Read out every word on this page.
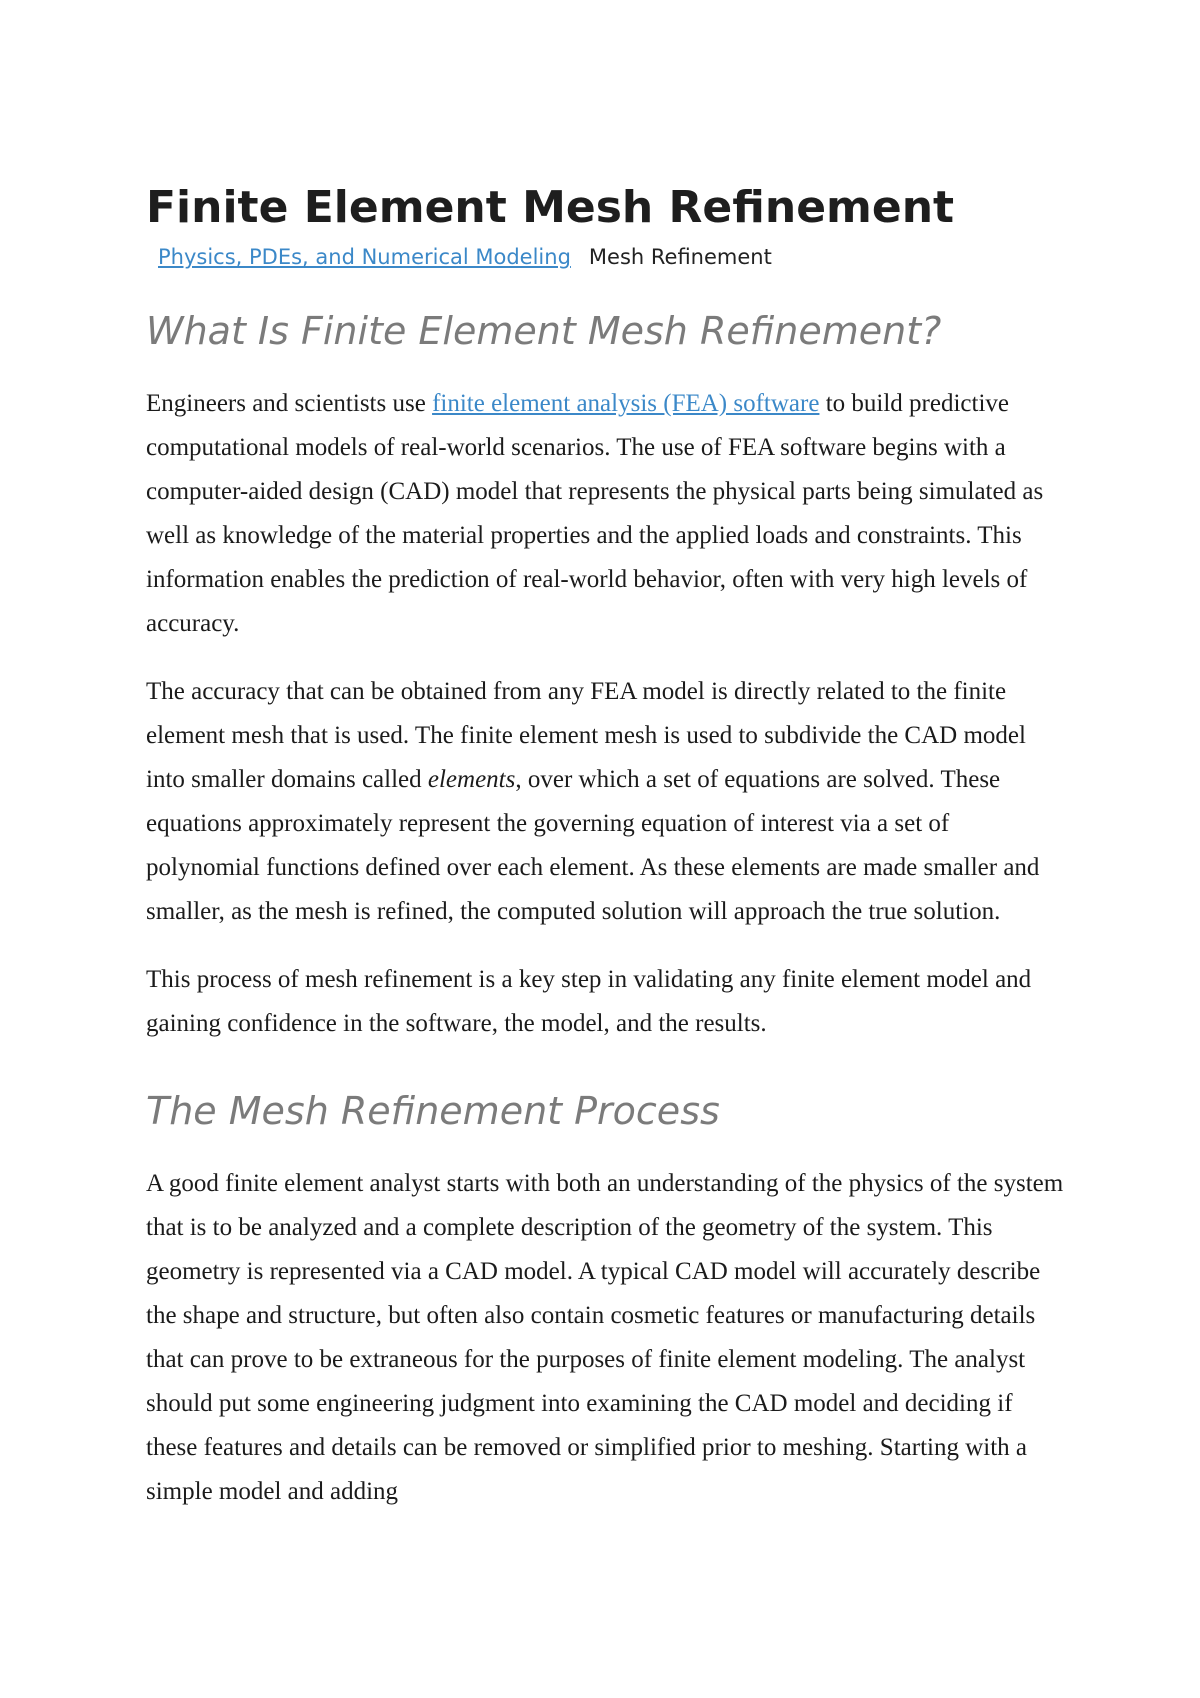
Finite Element Mesh Refinement
Physics, PDEs, and Numerical Modeling Mesh Refinement
What Is Finite Element Mesh Refinement?

Engineers and scientists use finite element analysis (FEA) software to build predictive computational models of real-world scenarios. The use of FEA software begins with a computer-aided design (CAD) model that represents the physical parts being simulated as well as knowledge of the material properties and the applied loads and constraints. This information enables the prediction of real-world behavior, often with very high levels of accuracy.

The accuracy that can be obtained from any FEA model is directly related to the finite element mesh that is used. The finite element mesh is used to subdivide the CAD model into smaller domains called elements, over which a set of equations are solved. These equations approximately represent the governing equation of interest via a set of polynomial functions defined over each element. As these elements are made smaller and smaller, as the mesh is refined, the computed solution will approach the true solution.

This process of mesh refinement is a key step in validating any finite element model and gaining confidence in the software, the model, and the results.

The Mesh Refinement Process

A good finite element analyst starts with both an understanding of the physics of the system that is to be analyzed and a complete description of the geometry of the system. This geometry is represented via a CAD model. A typical CAD model will accurately describe the shape and structure, but often also contain cosmetic features or manufacturing details that can prove to be extraneous for the purposes of finite element modeling. The analyst should put some engineering judgment into examining the CAD model and deciding if these features and details can be removed or simplified prior to meshing. Starting with a simple model and adding
